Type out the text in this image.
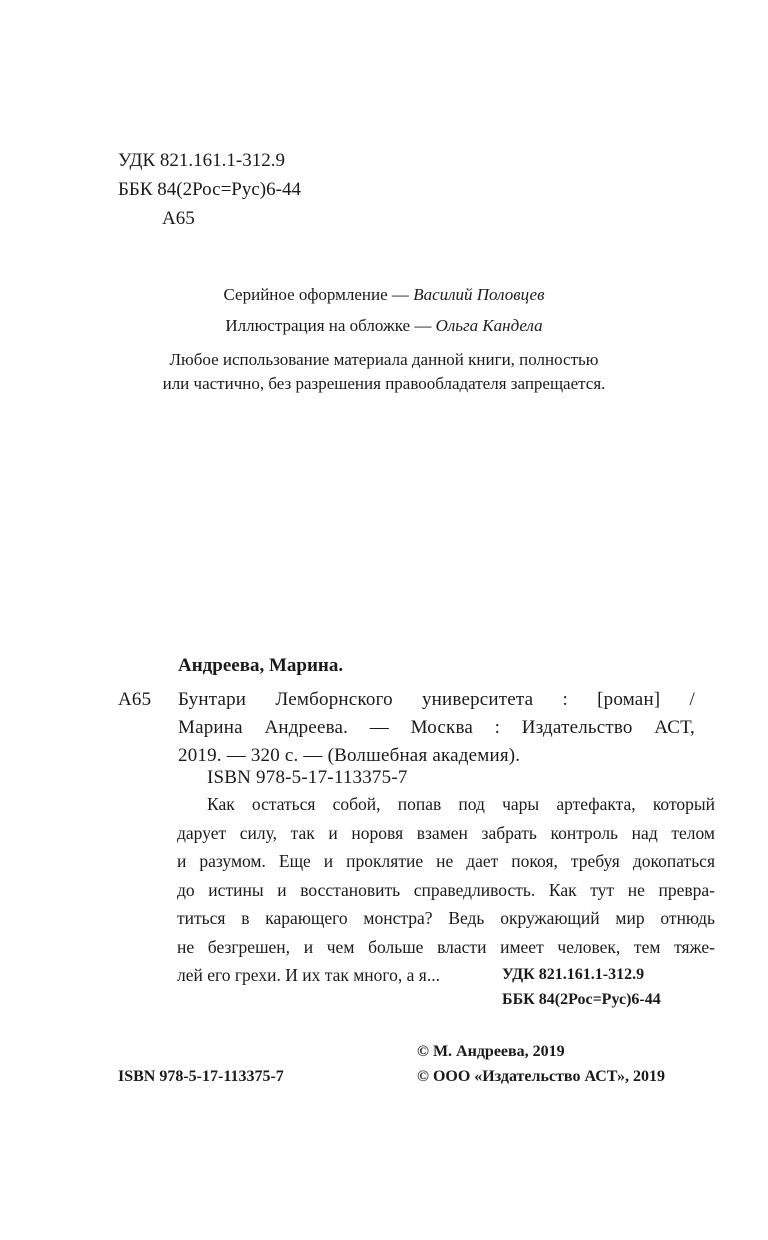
УДК 821.161.1-312.9
ББК 84(2Рос=Рус)6-44
А65
Серийное оформление — Василий Половцев
Иллюстрация на обложке — Ольга Кандела
Любое использование материала данной книги, полностью
или частично, без разрешения правообладателя запрещается.
Андреева, Марина.
А65 Бунтари Лемборнского университета : [роман] /
Марина Андреева. — Москва : Издательство АСТ,
2019. — 320 с. — (Волшебная академия).
ISBN 978-5-17-113375-7
Как остаться собой, попав под чары артефакта, который
дарует силу, так и норовя взамен забрать контроль над телом
и разумом. Еще и проклятие не дает покоя, требуя докопаться
до истины и восстановить справедливость. Как тут не превра-
титься в карающего монстра? Ведь окружающий мир отнюдь
не безгрешен, и чем больше власти имеет человек, тем тяже-
лей его грехи. И их так много, а я...	УДК 821.161.1-312.9
ББК 84(2Рос=Рус)6-44
ISBN 978-5-17-113375-7
© М. Андреева, 2019
© ООО «Издательство АСТ», 2019
